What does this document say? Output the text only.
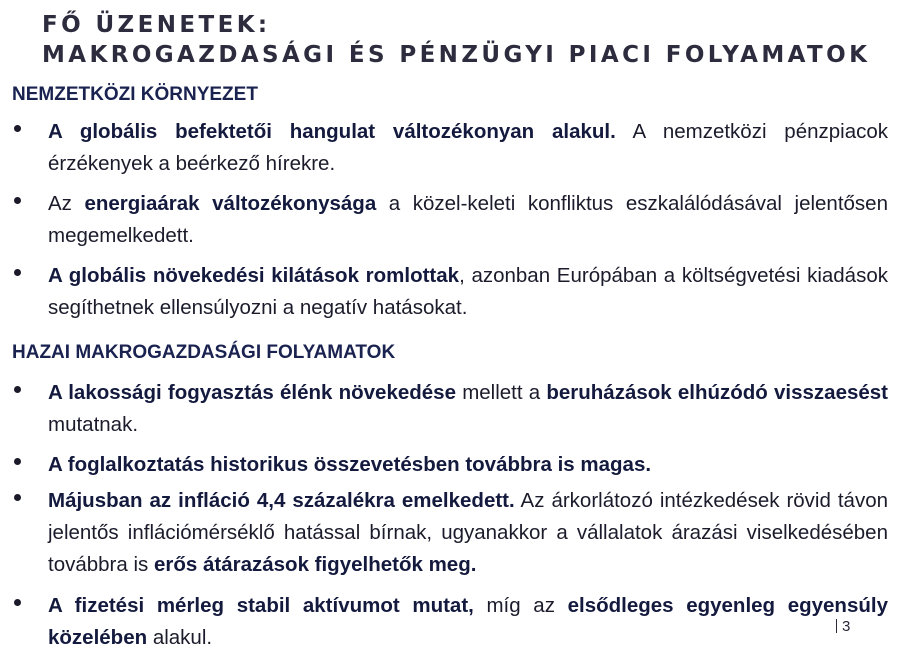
FŐ ÜZENETEK:
MAKROGAZDASÁGI ÉS PÉNZÜGYI PIACI FOLYAMATOK
NEMZETKÖZI KÖRNYEZET
A globális befektetői hangulat változékonyan alakul. A nemzetközi pénzpiacok érzékenyek a beérkező hírekre.
Az energiaárak változékonysága a közel-keleti konfliktus eszkalálódásával jelentősen megemelkedett.
A globális növekedési kilátások romlottak, azonban Európában a költségvetési kiadások segíthetnek ellensúlyozni a negatív hatásokat.
HAZAI MAKROGAZDASÁGI FOLYAMATOK
A lakossági fogyasztás élénk növekedése mellett a beruházások elhúzódó visszaesést mutatnak.
A foglalkoztatás historikus összevetésben továbbra is magas.
Májusban az infláció 4,4 százalékra emelkedett. Az árkorlátozó intézkedések rövid távon jelentős inflációmérséklő hatással bírnak, ugyanakkor a vállalatok árazási viselkedésében továbbra is erős átárazások figyelhetők meg.
A fizetési mérleg stabil aktívumot mutat, míg az elsődleges egyenleg egyensúly közelében alakul.	3
